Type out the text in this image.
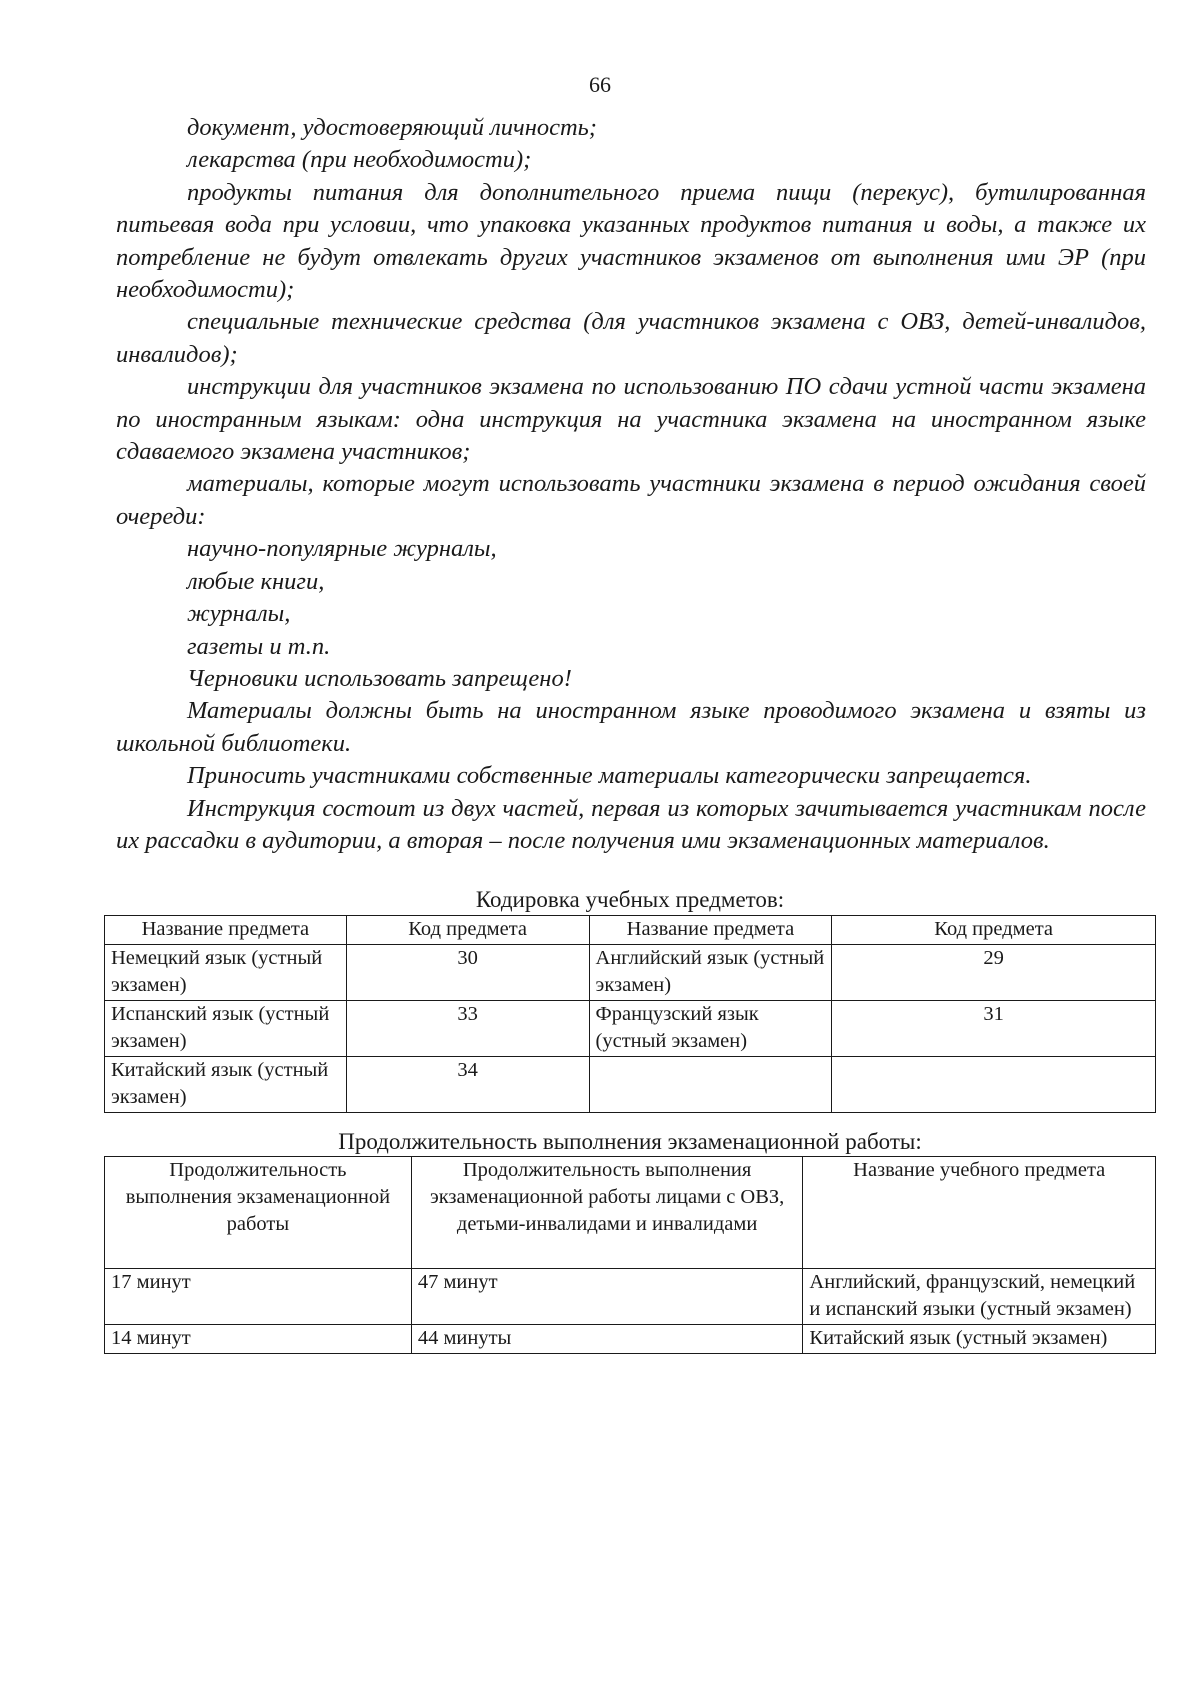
66

документ, удостоверяющий личность;

лекарства (при необходимости);

продукты питания для дополнительного приема пищи (перекус), бутилированная питьевая вода при условии, что упаковка указанных продуктов питания и воды, а также их потребление не будут отвлекать других участников экзаменов от выполнения ими ЭР (при необходимости);

специальные технические средства (для участников экзамена с ОВЗ, детей-инвалидов, инвалидов);

инструкции для участников экзамена по использованию ПО сдачи устной части экзамена по иностранным языкам: одна инструкция на участника экзамена на иностранном языке сдаваемого экзамена участников;

материалы, которые могут использовать участники экзамена в период ожидания своей очереди:

научно-популярные журналы,

любые книги,

журналы,

газеты и т.п.

Черновики использовать запрещено!

Материалы должны быть на иностранном языке проводимого экзамена и взяты из школьной библиотеки.

Приносить участниками собственные материалы категорически запрещается.

Инструкция состоит из двух частей, первая из которых зачитывается участникам после их рассадки в аудитории, а вторая – после получения ими экзаменационных материалов.

Кодировка учебных предметов:
Название предмета	Код предмета	Название предмета	Код предмета
Немецкий язык (устный экзамен)	30	Английский язык (устный экзамен)	29
Испанский язык (устный экзамен)	33	Французский язык (устный экзамен)	31
Китайский язык (устный экзамен)	34		
Продолжительность выполнения экзаменационной работы:
Продолжительность выполнения экзаменационной работы	Продолжительность выполнения экзаменационной работы лицами с ОВЗ, детьми-инвалидами и инвалидами	Название учебного предмета
17 минут	47 минут	Английский, французский, немецкий и испанский языки (устный экзамен)
14 минут	44 минуты	Китайский язык (устный экзамен)
